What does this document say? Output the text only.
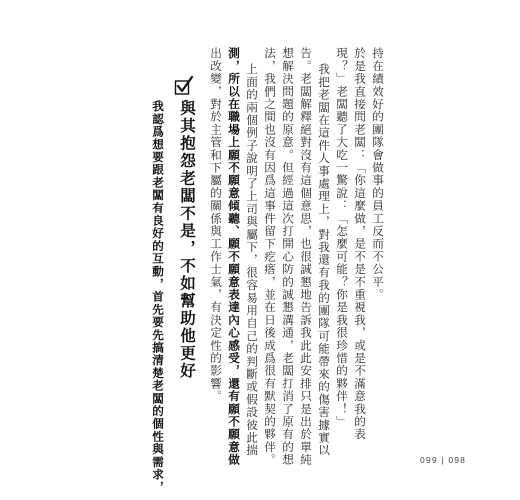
持在績效好的團隊會做事的員工反而不公平。
於是我直接問老闆：「你這麼做，是不是不重視我，或是不滿意我的表
現？」老闆聽了大吃一驚說：「怎麼可能？你是我很珍惜的夥伴！」
我把老闆在這件人事處理上，對我還有我的團隊可能帶來的傷害據實以
告。老闆解釋絕對沒有這個意思，也很誠懇地告訴我此此安排只是出於單純
想解決問題的原意。但經過這次打開心防的誠懇溝通，老闆打消了原有的想
法，我們之間也沒有因爲這事件留下疙瘩，並在日後成爲很有默契的夥伴。
上面的兩個例子說明了上司與屬下，很容易用自己的判斷或假設彼此揣
測，所以在職場上願不願意傾聽、願不願意表達內心感受，還有願不願意做
出改變，對於主管和下屬的關係與工作士氣，有決定性的影響。
與其抱怨老闆不是，不如幫助他更好
我認爲想要跟老闆有良好的互動，首先要先搞清楚老闆的個性與需求，	099 | 098
